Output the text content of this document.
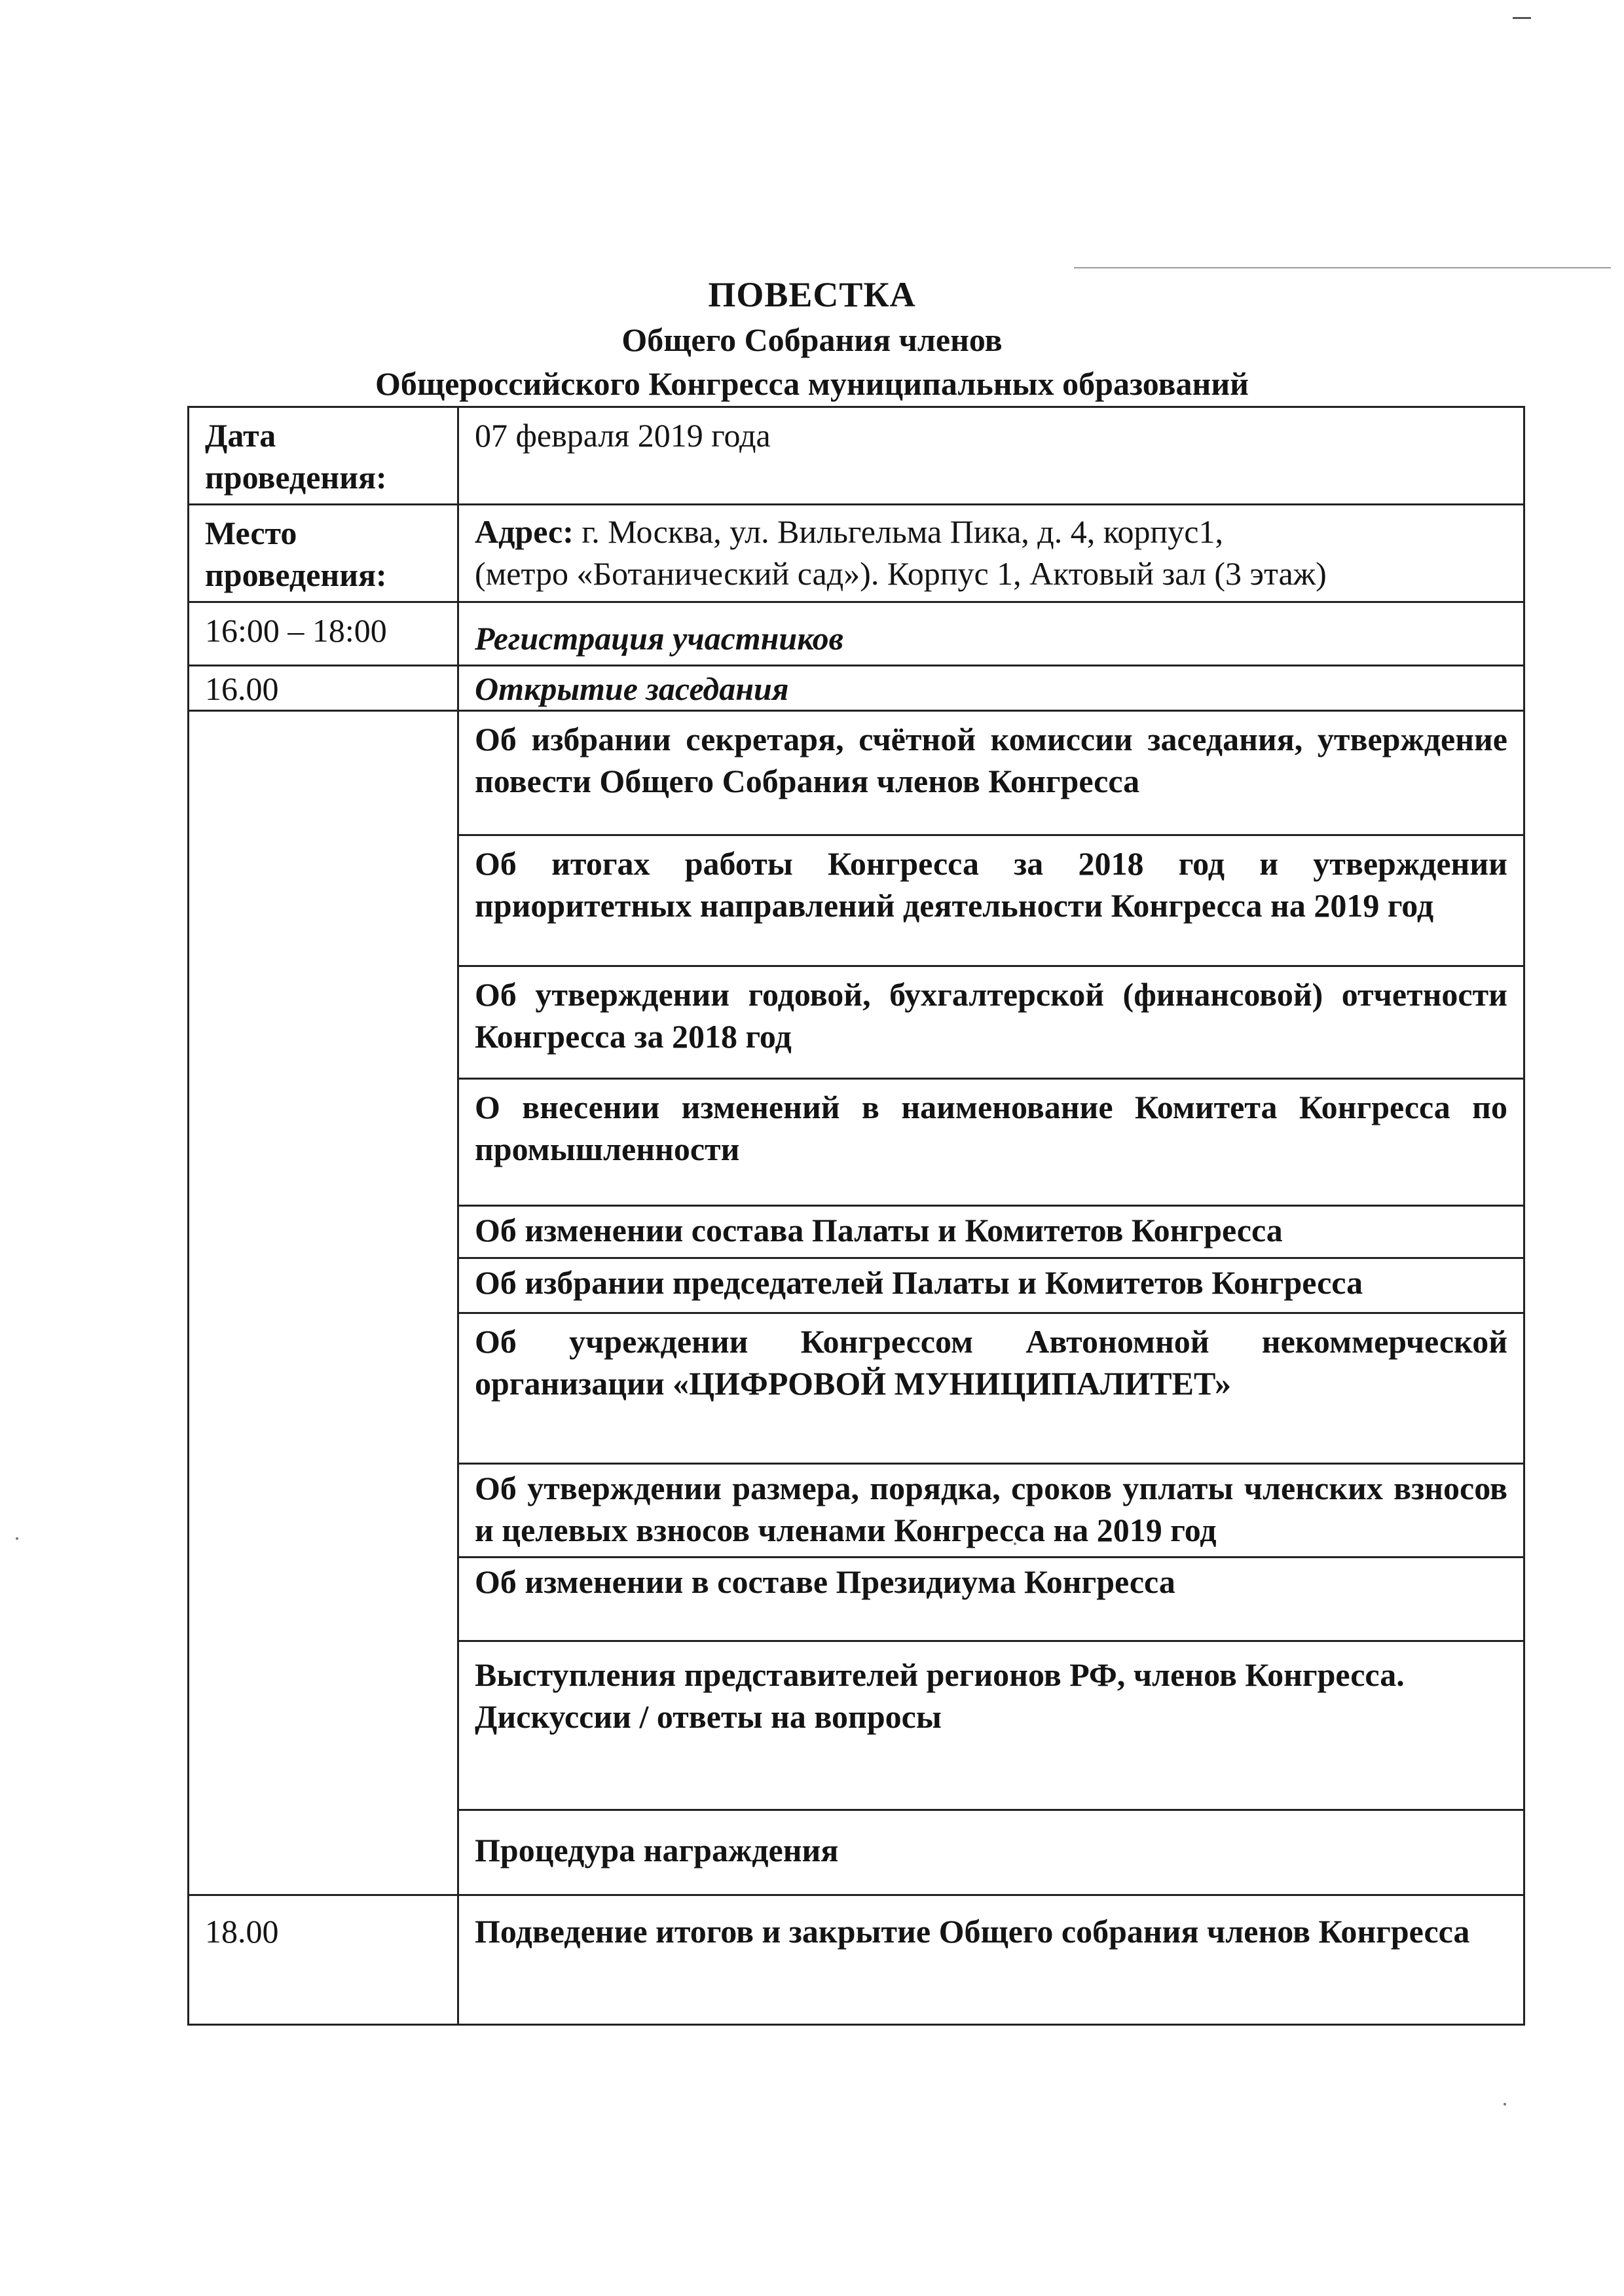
ПОВЕСТКА
Общего Собрания членов
Общероссийского Конгресса муниципальных образований
Дата проведения:	07 февраля 2019 года
Место проведения:	Адрес: г. Москва, ул. Вильгельма Пика, д. 4, корпус1,
(метро «Ботанический сад»). Корпус 1, Актовый зал (3 этаж)
16:00 – 18:00	Регистрация участников
16.00	Открытие заседания
	Об избрании секретаря, счётной комиссии заседания, утверждение повести Общего Собрания членов Конгресса
	Об итогах работы Конгресса за 2018 год и утверждении приоритетных направлений деятельности Конгресса на 2019 год
	Об утверждении годовой, бухгалтерской (финансовой) отчетности Конгресса за 2018 год
	О внесении изменений в наименование Комитета Конгресса по промышленности
	Об изменении состава Палаты и Комитетов Конгресса
	Об избрании председателей Палаты и Комитетов Конгресса
	Об учреждении Конгрессом Автономной некоммерческой организации «ЦИФРОВОЙ МУНИЦИПАЛИТЕТ»
	Об утверждении размера, порядка, сроков уплаты членских взносов и целевых взносов членами Конгресса на 2019 год
	Об изменении в составе Президиума Конгресса

	Выступления представителей регионов РФ, членов Конгресса.
Дискуссии / ответы на вопросы

	Процедура награждения
18.00	Подведение итогов и закрытие Общего собрания членов Конгресса
